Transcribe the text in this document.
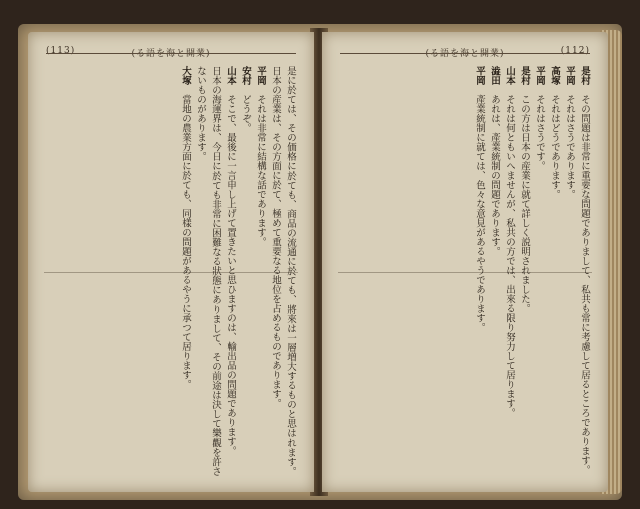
(113)	(る語を海と開業)

是に於ては、その価格に於ても、商品の流通に於ても、將來は一層増大するものと思はれます。日本の産業は、その方面に於て、極めて重要なる地位を占めるものであります。

平岡　それは非常に結構な話であります。

安村　どうぞ。

山本　そこで、最後に一言申し上げて置きたいと思ひますのは、輸出品の問題であります。

日本の海運界は、今日に於ても非常に困難なる狀態にありまして、その前途は決して樂觀を許さないものがあります。

大塚　當地の農業方面に於ても、同樣の問題があるやうに承つて居ります。

(112)
(る語を海と開業)

是村　その問題は非常に重要な問題でありまして、私共も常に考慮して居るところであります。

平岡　それはさうであります。

高塚　それはどうであります。

平岡　それはさうです。

是村　この方は日本の産業に就て詳しく説明されました。

山本　それは何ともいへませんが、私共の方では、出來る限り努力して居ります。

澁田　あれは、產業統制の問題であります。

平岡　產業統制に就ては、色々な意見があるやうであります。
